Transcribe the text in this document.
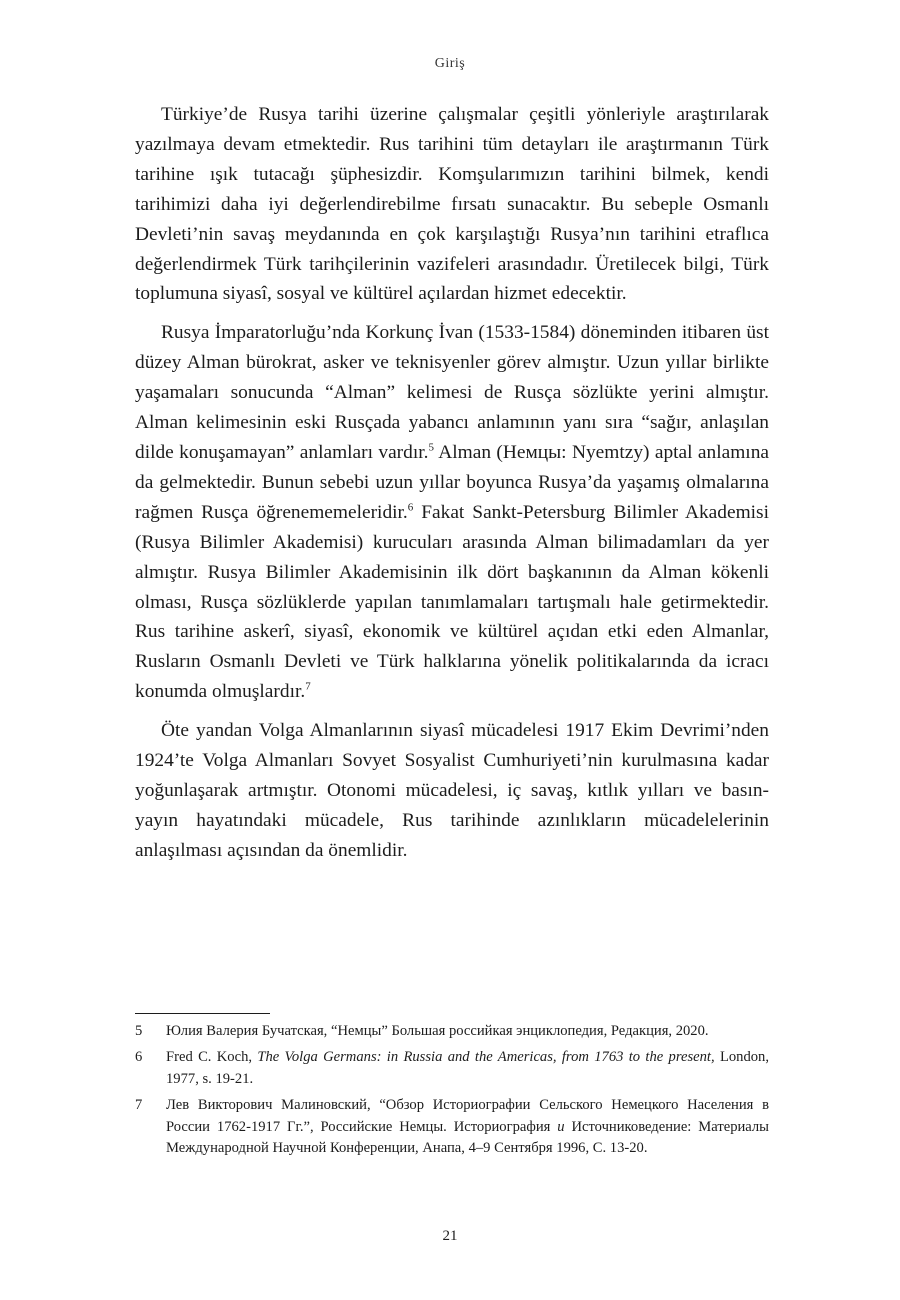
Giriş

Türkiye’de Rusya tarihi üzerine çalışmalar çeşitli yönleriyle araştırılarak yazılmaya devam etmektedir. Rus tarihini tüm detayları ile araştırmanın Türk tarihine ışık tutacağı şüphesizdir. Komşularımızın tarihini bilmek, kendi tarihimizi daha iyi değerlendirebilme fırsatı sunacaktır. Bu sebeple Osmanlı Devleti’nin savaş meydanında en çok karşılaştığı Rusya’nın tarihini etraflıca değerlendirmek Türk tarihçilerinin vazifeleri arasındadır. Üretilecek bilgi, Türk toplumuna siyasî, sosyal ve kültürel açılardan hizmet edecektir.

Rusya İmparatorluğu’nda Korkunç İvan (1533-1584) döneminden itibaren üst düzey Alman bürokrat, asker ve teknisyenler görev almıştır. Uzun yıllar birlikte yaşamaları sonucunda “Alman” kelimesi de Rusça sözlükte yerini almıştır. Alman kelimesinin eski Rusçada yabancı anlamının yanı sıra “sağır, anlaşılan dilde konuşamayan” anlamları vardır.$^5$ Alman (Немцы: Nyemtzy) aptal anlamına da gelmektedir. Bunun sebebi uzun yıllar boyunca Rusya’da yaşamış olmalarına rağmen Rusça öğrenememeleridir.$^6$ Fakat Sankt-Petersburg Bilimler Akademisi (Rusya Bilimler Akademisi) kurucuları arasında Alman bilimadamları da yer almıştır. Rusya Bilimler Akademisinin ilk dört başkanının da Alman kökenli olması, Rusça sözlüklerde yapılan tanımlamaları tartışmalı hale getirmektedir. Rus tarihine askerî, siyasî, ekonomik ve kültürel açıdan etki eden Almanlar, Rusların Osmanlı Devleti ve Türk halklarına yönelik politikalarında da icracı konumda olmuşlardır.$^7$

Öte yandan Volga Almanlarının siyasî mücadelesi 1917 Ekim Devrimi’nden 1924’te Volga Almanları Sovyet Sosyalist Cumhuriyeti’nin kurulmasına kadar yoğunlaşarak artmıştır. Otonomi mücadelesi, iç savaş, kıtlık yılları ve basın-yayın hayatındaki mücadele, Rus tarihinde azınlıkların mücadelelerinin anlaşılması açısından da önemlidir.

5	Юлия Валерия Бучатская, “Немцы” Большая российкая энциклопедия, Редакция, 2020.
6	Fred C. Koch, The Volga Germans: in Russia and the Americas, from 1763 to the present, London, 1977, s. 19-21.
7	Лев Викторович Малиновский, “Обзор Историографии Сельского Немецкого Населения в России 1762-1917 Гг.”, Российские Немцы. Историография и Источниковедение: Материалы Международной Научной Конференции, Анапа, 4–9 Сентября 1996, С. 13-20.
21
